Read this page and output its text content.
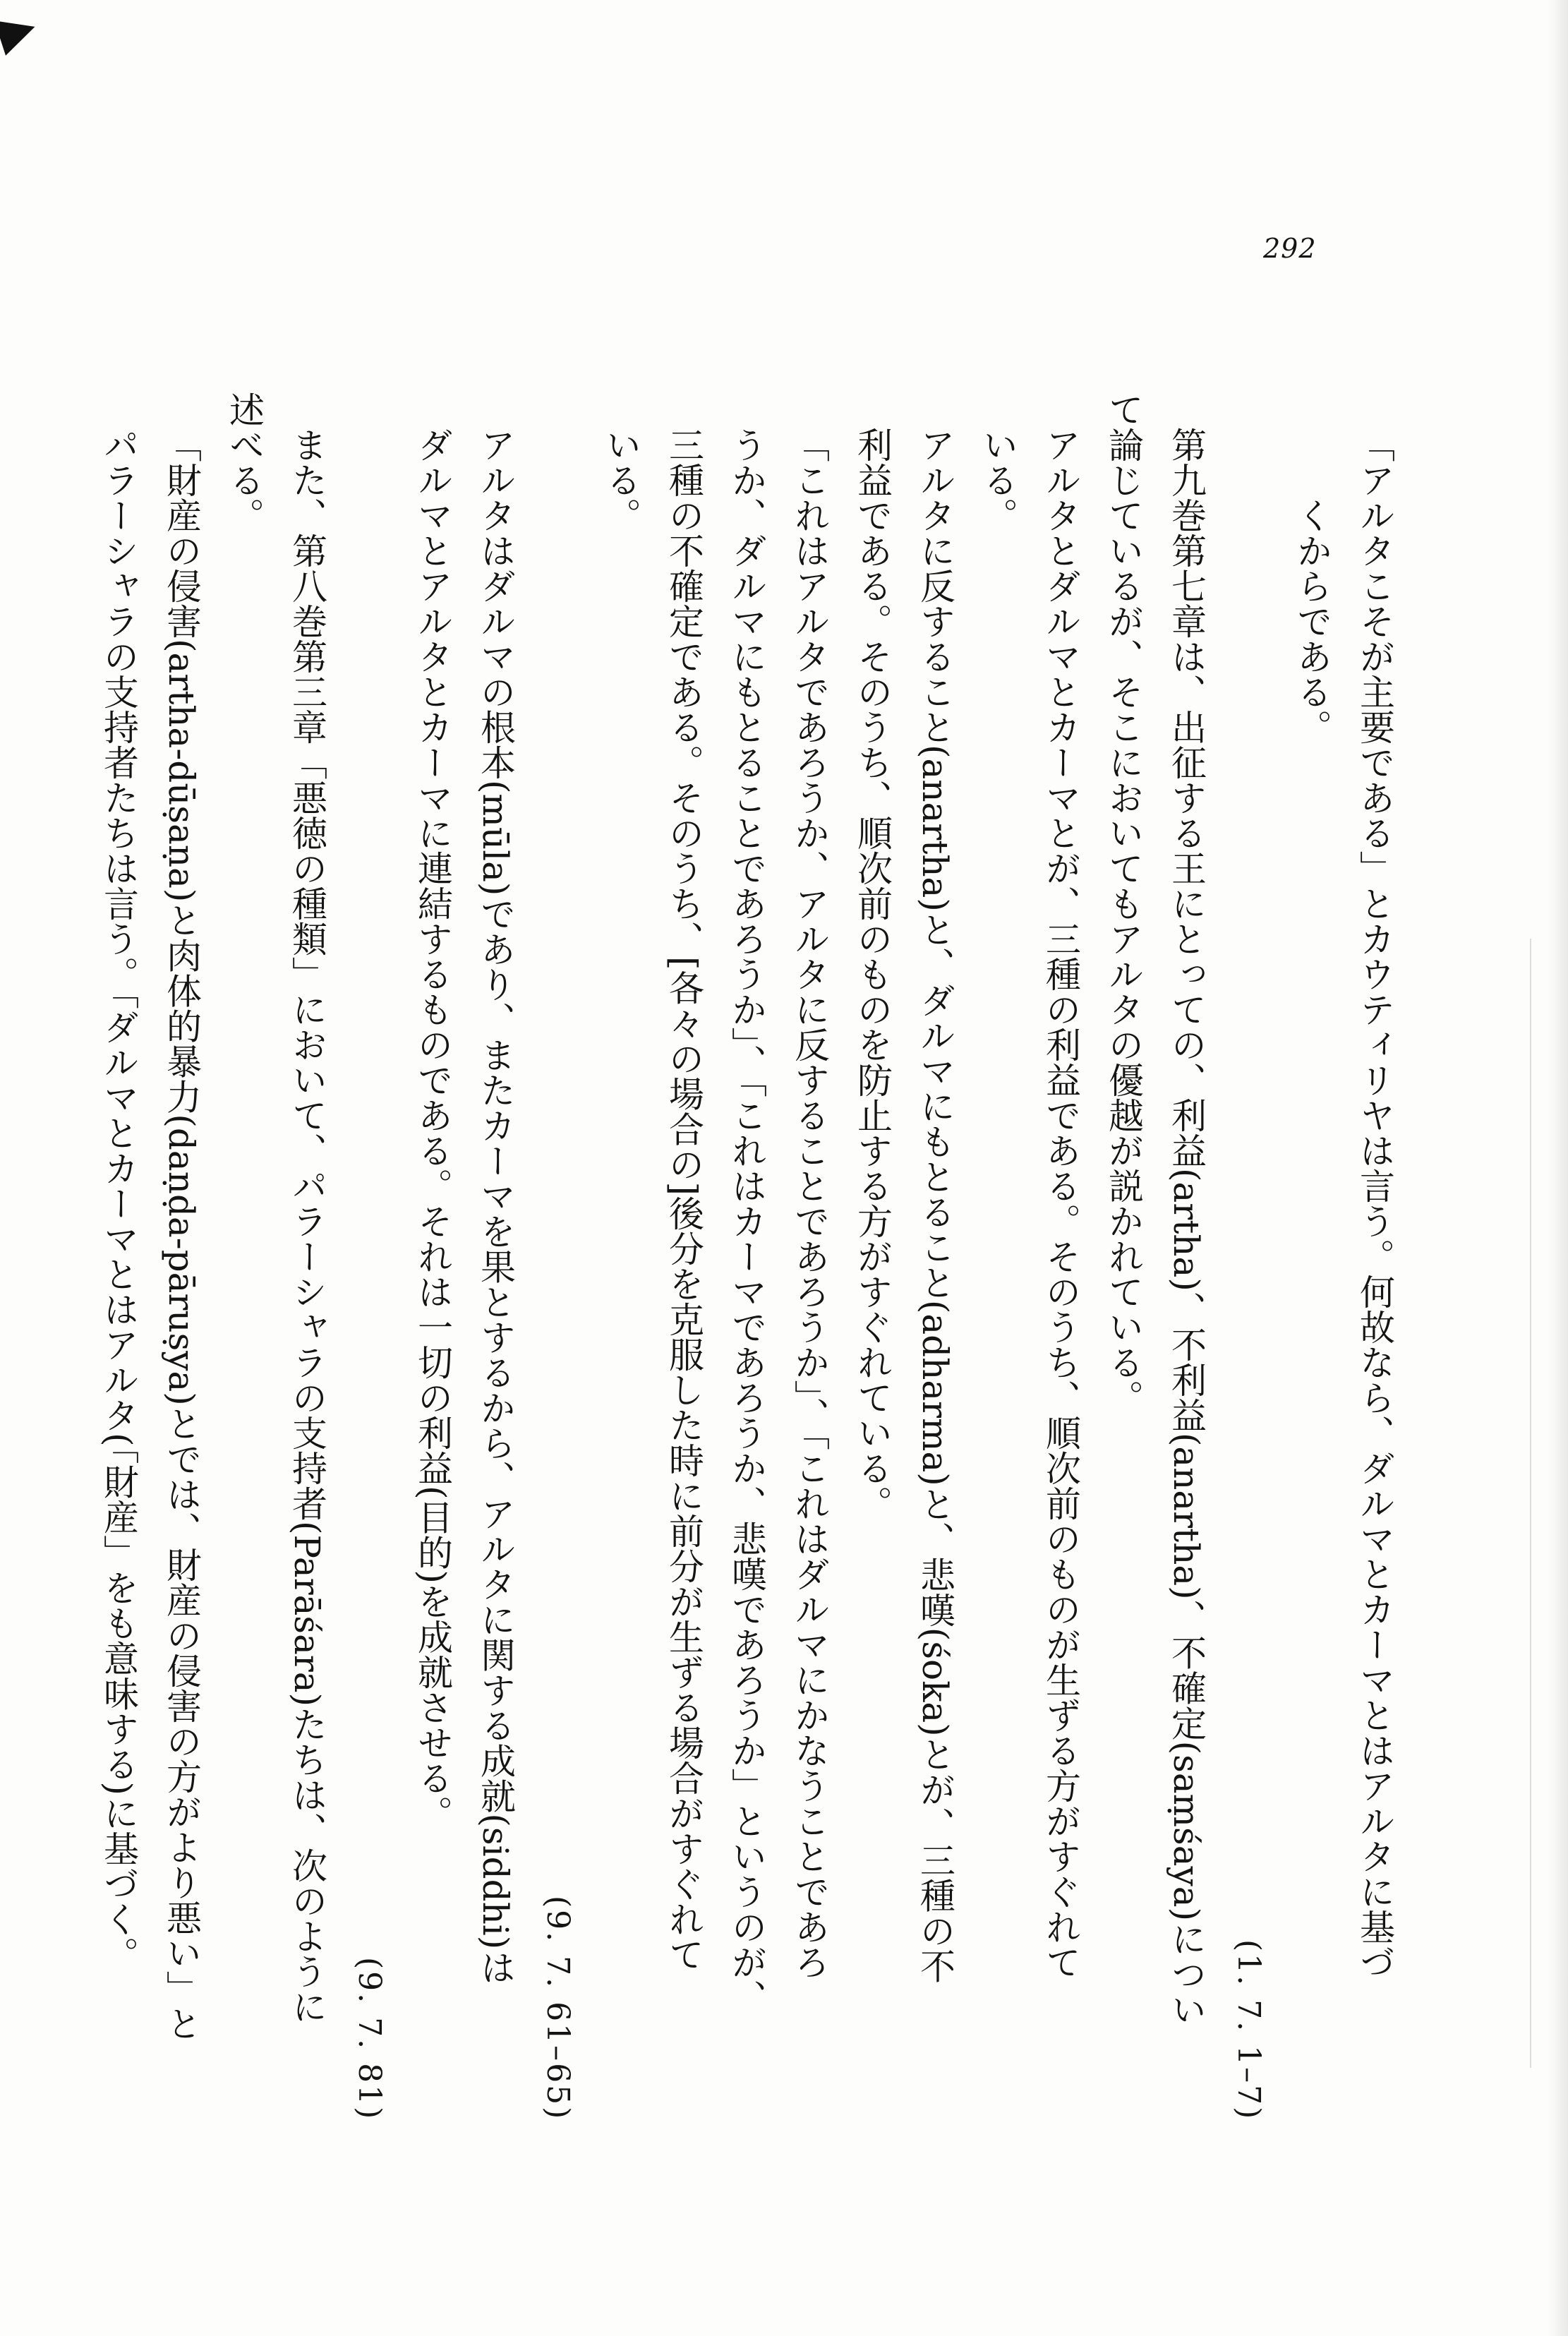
292

「アルタこそが主要である」とカウティリヤは言う。何故なら、ダルマとカーマとはアルタに基づ

くからである。

(1. 7. 1–7)

第九巻第七章は、出征する王にとっての、利益(artha)、不利益(anartha)、不確定(saṃśaya)につい

て論じているが、そこにおいてもアルタの優越が説かれている。

アルタとダルマとカーマとが、三種の利益である。そのうち、順次前のものが生ずる方がすぐれて

いる。

アルタに反すること(anartha)と、ダルマにもとること(adharma)と、悲嘆(śoka)とが、三種の不

利益である。そのうち、順次前のものを防止する方がすぐれている。

「これはアルタであろうか、アルタに反することであろうか」、「これはダルマにかなうことであろ

うか、ダルマにもとることであろうか」、「これはカーマであろうか、悲嘆であろうか」というのが、

三種の不確定である。そのうち、[各々の場合の]後分を克服した時に前分が生ずる場合がすぐれて

いる。

(9. 7. 61–65)

アルタはダルマの根本(mūla)であり、またカーマを果とするから、アルタに関する成就(siddhi)は

ダルマとアルタとカーマに連結するものである。それは一切の利益(目的)を成就させる。

(9. 7. 81)

また、第八巻第三章「悪徳の種類」において、パラーシャラの支持者(Parāśara)たちは、次のように

述べる。

「財産の侵害(artha-dūṣaṇa)と肉体的暴力(daṇḍa-pāruṣya)とでは、財産の侵害の方がより悪い」と

パラーシャラの支持者たちは言う。「ダルマとカーマとはアルタ(「財産」をも意味する)に基づく。
